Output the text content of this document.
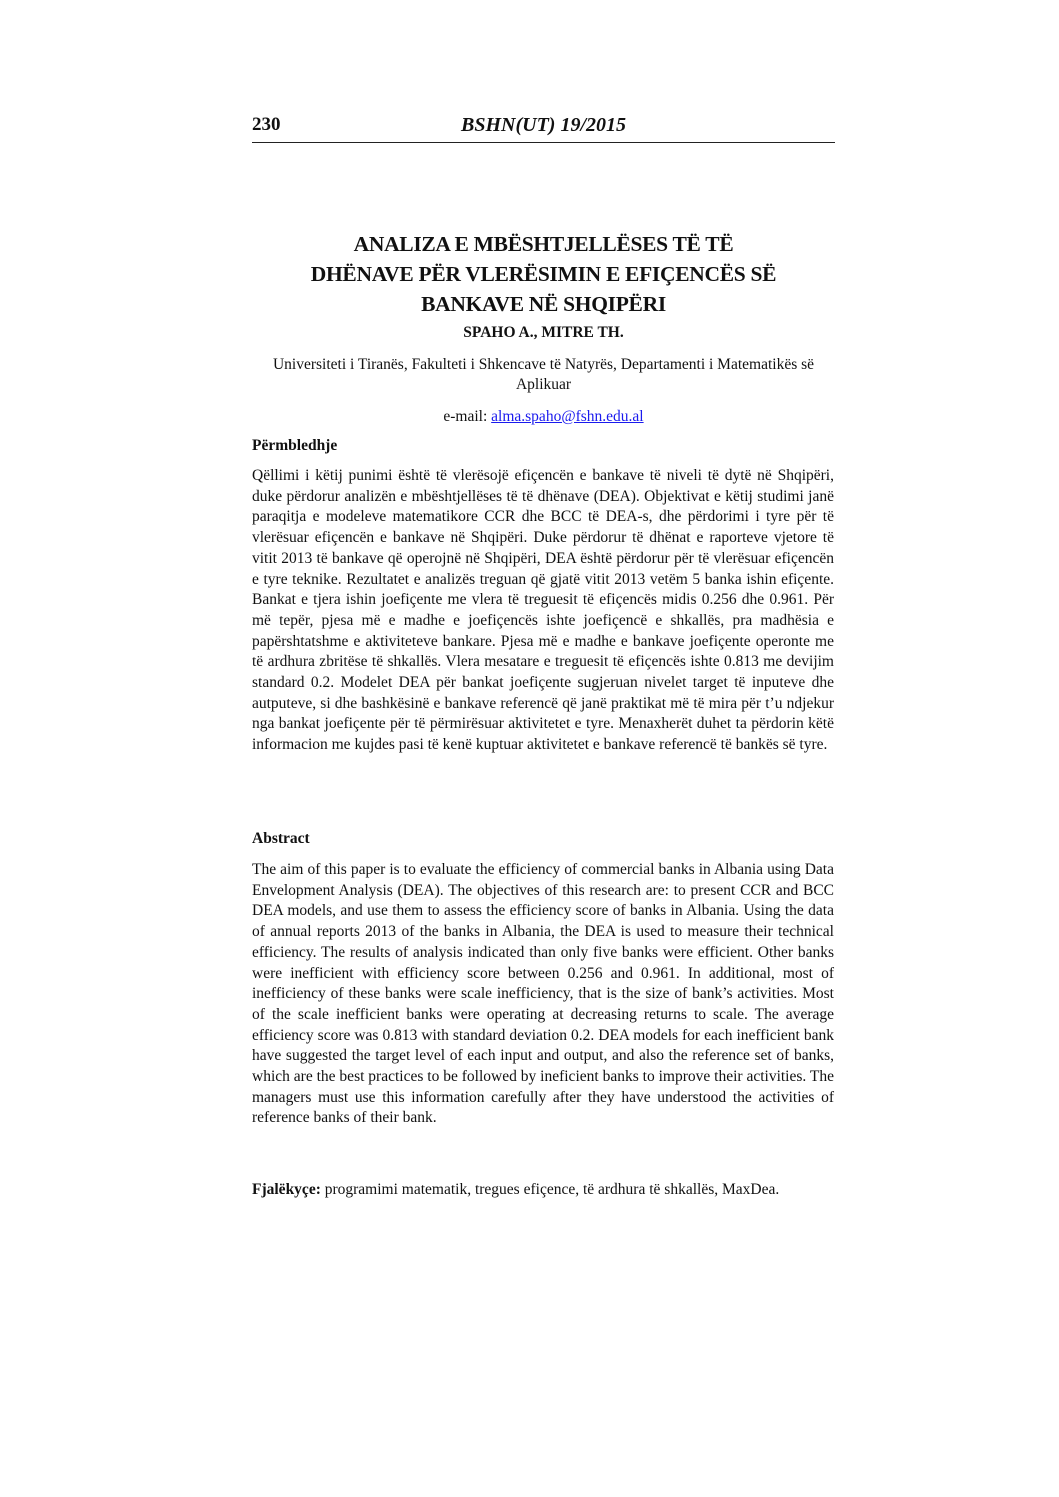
230	BSHN(UT) 19/2015
ANALIZA E MBËSHTJELLËSES TË TË
DHËNAVE PËR VLERËSIMIN E EFIÇENCËS SË
BANKAVE NË SHQIPËRI
SPAHO A., MITRE TH.
Universiteti i Tiranës, Fakulteti i Shkencave të Natyrës, Departamenti i Matematikës së Aplikuar
e-mail: alma.spaho@fshn.edu.al
Përmbledhje

Qëllimi i këtij punimi është të vlerësojë efiçencën e bankave të niveli të dytë në Shqipëri, duke përdorur analizën e mbështjellëses të të dhënave (DEA). Objektivat e këtij studimi janë paraqitja e modeleve matematikore CCR dhe BCC të DEA-s, dhe përdorimi i tyre për të vlerësuar efiçencën e bankave në Shqipëri. Duke përdorur të dhënat e raporteve vjetore të vitit 2013 të bankave që operojnë në Shqipëri, DEA është përdorur për të vlerësuar efiçencën e tyre teknike. Rezultatet e analizës treguan që gjatë vitit 2013 vetëm 5 banka ishin efiçente. Bankat e tjera ishin joefiçente me vlera të treguesit të efiçencës midis 0.256 dhe 0.961. Për më tepër, pjesa më e madhe e joefiçencës ishte joefiçencë e shkallës, pra madhësia e papërshtatshme e aktiviteteve bankare. Pjesa më e madhe e bankave joefiçente operonte me të ardhura zbritëse të shkallës. Vlera mesatare e treguesit të efiçencës ishte 0.813 me devijim standard 0.2. Modelet DEA për bankat joefiçente sugjeruan nivelet target të inputeve dhe autputeve, si dhe bashkësinë e bankave referencë që janë praktikat më të mira për t’u ndjekur nga bankat joefiçente për të përmirësuar aktivitetet e tyre. Menaxherët duhet ta përdorin këtë informacion me kujdes pasi të kenë kuptuar aktivitetet e bankave referencë të bankës së tyre.

Abstract

The aim of this paper is to evaluate the efficiency of commercial banks in Albania using Data Envelopment Analysis (DEA). The objectives of this research are: to present CCR and BCC DEA models, and use them to assess the efficiency score of banks in Albania. Using the data of annual reports 2013 of the banks in Albania, the DEA is used to measure their technical efficiency. The results of analysis indicated than only five banks were efficient. Other banks were inefficient with efficiency score between 0.256 and 0.961. In additional, most of inefficiency of these banks were scale inefficiency, that is the size of bank’s activities. Most of the scale inefficient banks were operating at decreasing returns to scale. The average efficiency score was 0.813 with standard deviation 0.2. DEA models for each inefficient bank have suggested the target level of each input and output, and also the reference set of banks, which are the best practices to be followed by ineficient banks to improve their activities. The managers must use this information carefully after they have understood the activities of reference banks of their bank.

Fjalëkyçe: programimi matematik, tregues efiçence, të ardhura të shkallës, MaxDea.
